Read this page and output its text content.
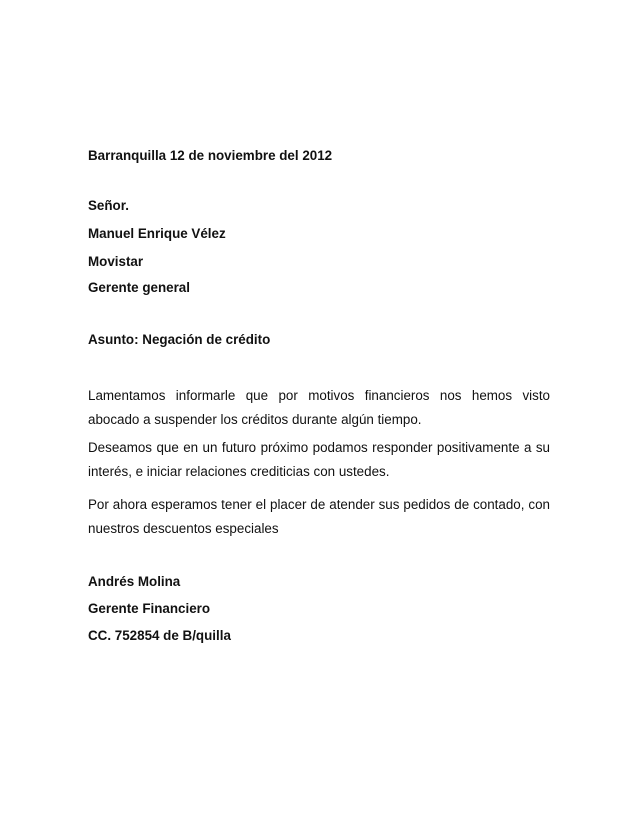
Barranquilla 12 de noviembre del 2012
Señor.
Manuel Enrique Vélez
Movistar
Gerente general
Asunto: Negación de crédito
Lamentamos informarle que por motivos financieros nos hemos visto abocado a suspender los créditos durante algún tiempo.
Deseamos que en un futuro próximo podamos responder positivamente a su interés, e iniciar relaciones crediticias con ustedes.
Por ahora esperamos tener el placer de atender sus pedidos de contado, con nuestros descuentos especiales
Andrés Molina
Gerente Financiero
CC. 752854 de B/quilla
